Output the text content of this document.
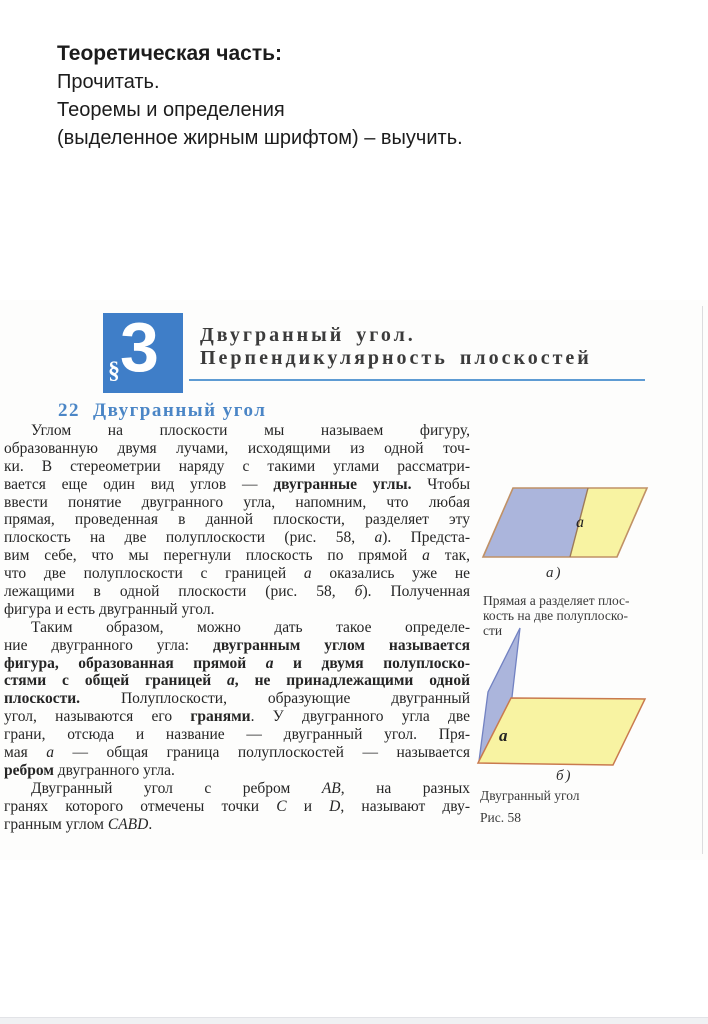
Теоретическая часть:
Прочитать.
Теоремы и определения
(выделенное жирным шрифтом) – выучить.
§ 3 Двугранный угол.
Перпендикулярность плоскостей
22 Двугранный угол
Углом на плоскости мы называем фигуру,
образованную двумя лучами, исходящими из одной точ-
ки. В стереометрии наряду с такими углами рассматри-
вается еще один вид углов — двугранные углы. Чтобы
ввести понятие двугранного угла, напомним, что любая
прямая, проведенная в данной плоскости, разделяет эту
плоскость на две полуплоскости (рис. 58, а). Предста-
вим себе, что мы перегнули плоскость по прямой а так,
что две полуплоскости с границей а оказались уже не
лежащими в одной плоскости (рис. 58, б). Полученная
фигура и есть двугранный угол.
Таким образом, можно дать такое определе-
ние двугранного угла: двугранным углом называется
фигура, образованная прямой а и двумя полуплоско-
стями с общей границей а, не принадлежащими одной
плоскости. Полуплоскости, образующие двугранный
угол, называются его гранями. У двугранного угла две
грани, отсюда и название — двугранный угол. Пря-
мая а — общая граница полуплоскостей — называется
ребром двугранного угла.
Двугранный угол с ребром AB, на разных
гранях которого отмечены точки C и D, называют дву-
гранным углом CABD.
a
а)
Прямая а разделяет плос-
кость на две полуплоско-
сти
a
б)
Двугранный угол
Рис. 58
